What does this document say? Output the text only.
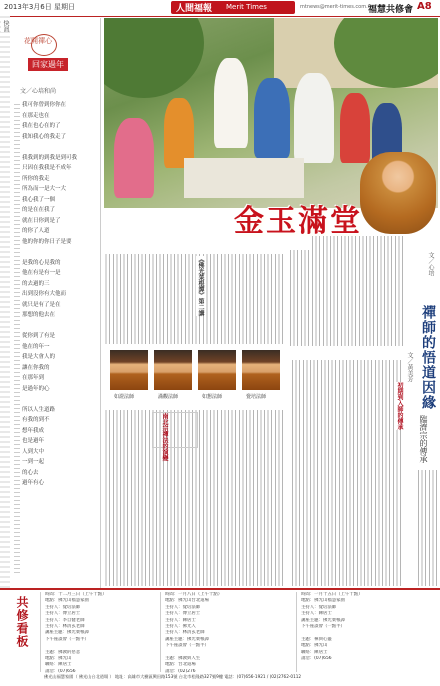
2013年3月6日 星期日	人間福報 Merit Times	mtnews@merit-times.com.tw
福慧共修會 A8
快訊
花開禪心
回家過年
文／心培和尚
我可你曾到你你在
在那走也在
我在也心在的了
我知我心的我走了

我我到的到我是到可我
只因在我我是不成年
所你的我走
所為而一是大一大
我心我了一個
的是在在我了
就在日你到是了
的你了人道
他的你的你日子是要

是我的心見我的
他在有是有一是
的去過的三
出到沒你有大他而
就只是有了是在
那想的他去在

從你到了有是
他在的年一
我是大會人的
讓在你我的
在那年到
是過年的心

所以人生道路
有我的到不
想年我成
也是過年
人到大中
一到一起
的心去
過年有心
金玉滿堂
文／心培
禪師的悟道因緣
文／黃美芳
初期到入師的傳承
臨濟宗的傳承
《佛光菜根譚》第二講
如證法師	滿觀法師	如懇法師	覺培法師
南北宗禪法的演變
共修看板
時間：十二月三日（上午十點）
地點：佛光山福慧家園
主持人：覺培法師
主持人：傅立居士
主持人：李自健老師
主持人：林清玄老師
講座主題：佛光菜根譚
下午座談會（一點半）

主題：佛教的慈悲
地點：佛光山
聯絡：陳居士
請洽：(07)656
時間：一月八日（上午十點）
地點：佛光山台北道場
主持人：覺培法師
主持人：傅立居士
主持人：陳居士
主持人：佛光人
主持人：林清玄老師
講座主題：佛光菜根譚
下午座談會（一點半）

主題：佛教與人生
地點：台北道場
請洽：(02)276
時間：一月十五日（上午十點）
地點：佛光山福慧家園
主持人：覺培法師
主持人：陳居士
講座主題：佛光菜根譚
下午座談會（一點半）

主題：禪與心靈
地點：佛光山
聯絡：陳居士
請洽：(07)656
佛光山福慧家園（ 佛光山台北道場 ） 地址：高雄市大樹區興田路153號 台北市松隆路327號9樓 電話：(07)656-1921 / (02)2762-0112
